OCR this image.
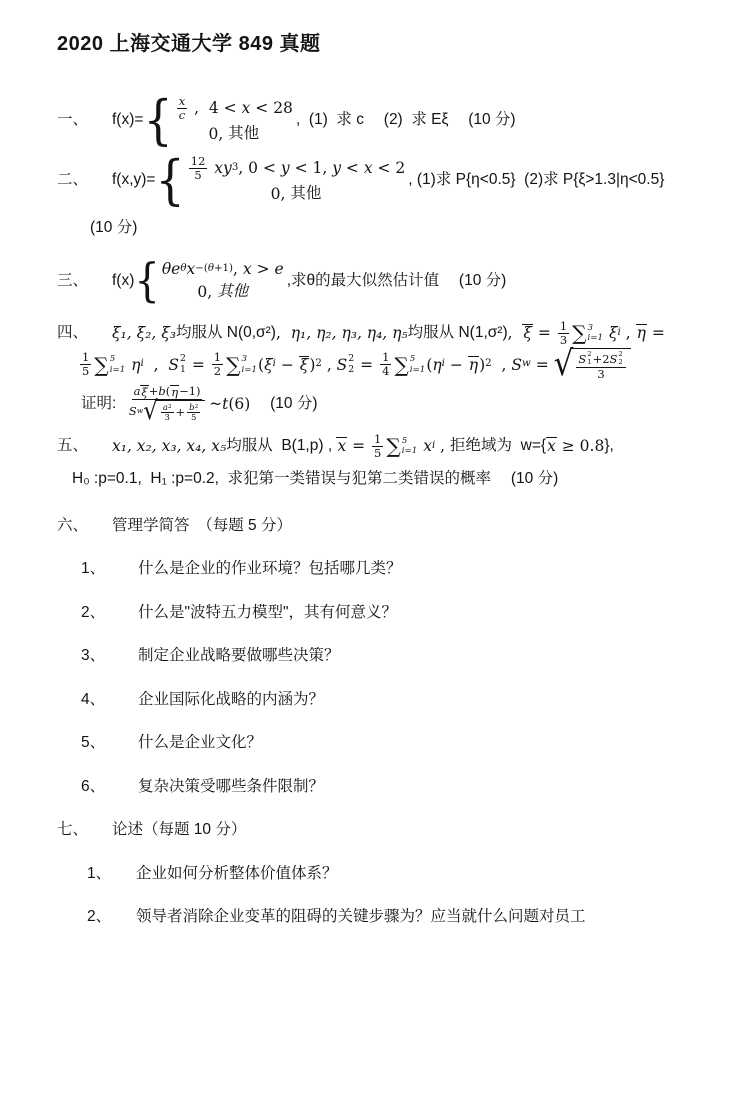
2020 上海交通大学 849 真题
一、	f(x)= { x
c ,  4 < x < 28
0, 其他
,  (1)  求 c　 (2)  求 Eξ　 (10 分)
二、	f(x,y)= { 12
5 xy 3 , 0 < y < 1, y < x < 2
0, 其他
, (1)求 P{η<0.5}  (2)求 P{ξ>1.3|η<0.5}
(10 分)
三、	f(x) { θe θ x −(θ+1) , x > e
0, 其他
,求θ的最大似然估计值　 (10 分)
四、	ξ₁, ξ₂, ξ₃ 均服从 N(0,σ²) , η₁, η₂, η₃, η₄, η₅ 均服从 N(1,σ²) , $\xi = \frac{1}{3}$ ∑ 3
i=1 ξ i , η =
1
5 ∑ 5
i=1 η i , S 2
$1 = \frac{1}{2}$ ∑ 3
i=1 ( ξ i − ξ ) 2 , S 2
$2 = \frac{1}{4}$ ∑ 5
i=1 ( η i − η ) 2 , S w = √ S 2
1 +2 S 2
2
3
证明:
a ξ + b ( η −1)
S w √ a 2
$3 + \frac{b 2}{5}$ ~ t (6) 　 (10 分)
五、	x₁, x₂, x₃, x₄, x₅ 均服从  B(1,p) , $x = \frac{1}{5}$ ∑ 5
i=1 x i , 拒绝域为  w={ x ≥ 0.8 },
H₀ :p=0.1,  H₁ :p=0.2,  求犯第一类错误与犯第二类错误的概率　 (10 分)
六、	管理学简答　（每题 5 分）
1、	什么是企业的作业环境？包括哪几类？
2、	什么是"波特五力模型"，其有何意义？
3、	制定企业战略要做哪些决策？
4、	企业国际化战略的内涵为？
5、	什么是企业文化？
6、	复杂决策受哪些条件限制？
七、	论述（每题 10 分）
1、	企业如何分析整体价值体系？
2、	领导者消除企业变革的阻碍的关键步骤为？应当就什么问题对员工
